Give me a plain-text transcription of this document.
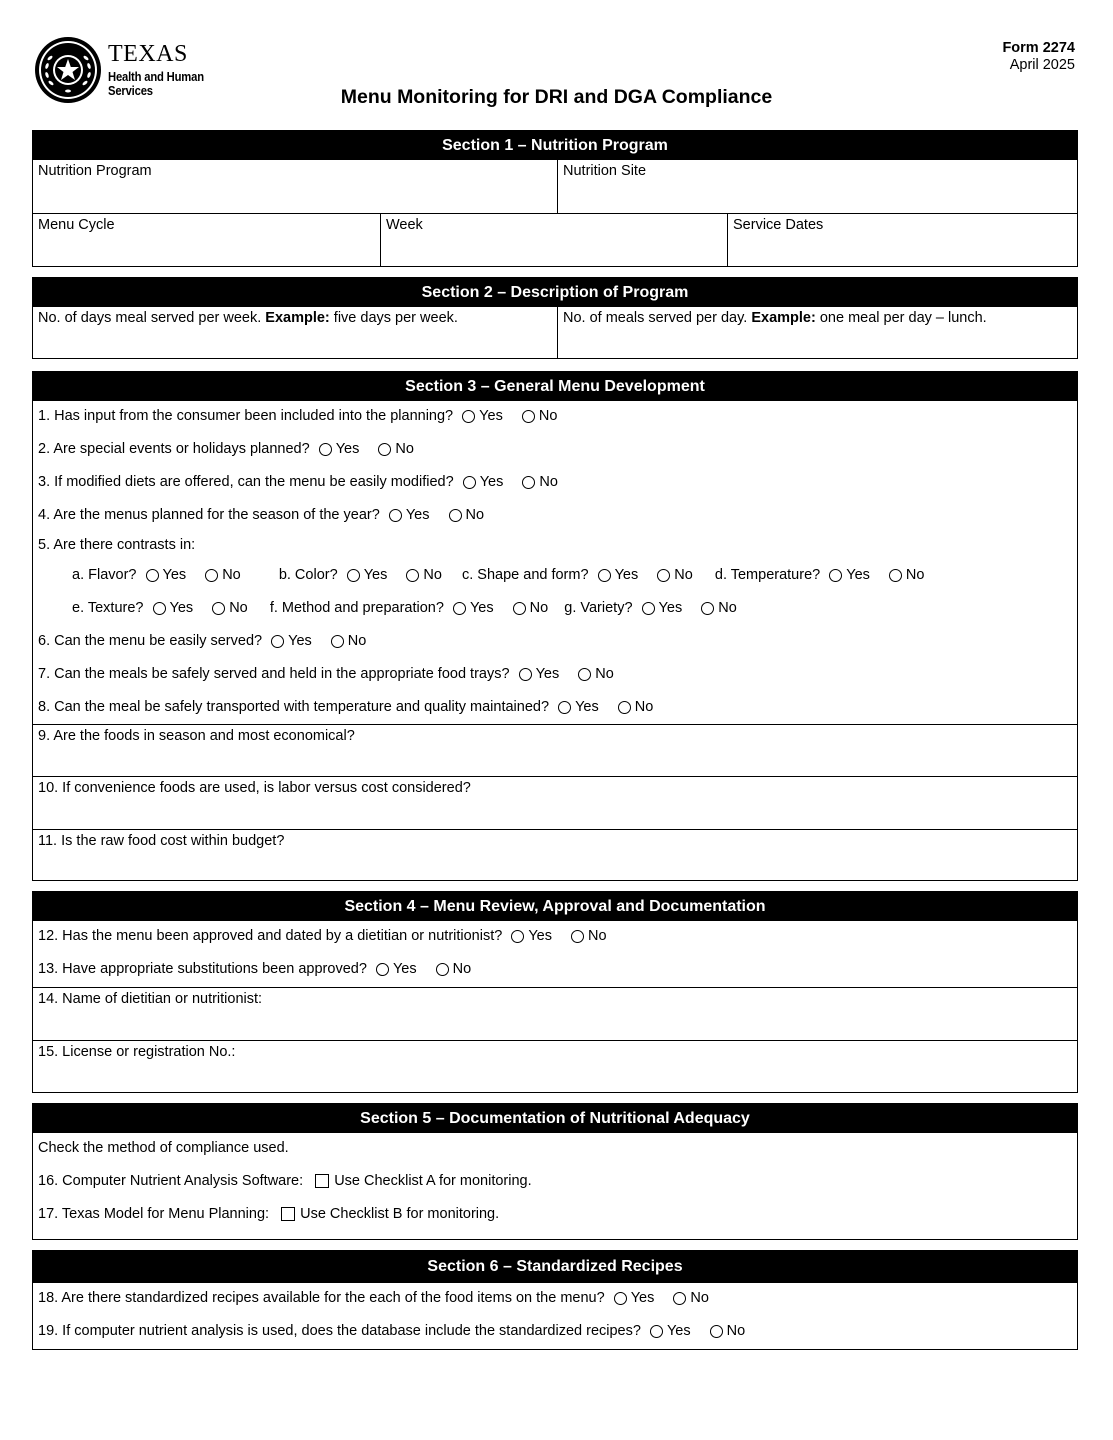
TEXAS
Health and Human
Services	Menu Monitoring for DRI and DGA Compliance
Form 2274
April 2025
Section 1 – Nutrition Program
Nutrition Program	Nutrition Site
Menu Cycle	Week	Service Dates
Section 2 – Description of Program
No. of days meal served per week. Example: five days per week.	No. of meals served per day. Example: one meal per day – lunch.
Section 3 – General Menu Development
1. Has input from the consumer been included into the planning? Yes No
2. Are special events or holidays planned? Yes No
3. If modified diets are offered, can the menu be easily modified? Yes No
4. Are the menus planned for the season of the year? Yes No
5. Are there contrasts in:
a. Flavor? Yes No	b. Color? Yes No c. Shape and form? Yes No d. Temperature? Yes No
e. Texture? Yes No f. Method and preparation? Yes No g. Variety? Yes No
6. Can the menu be easily served? Yes No
7. Can the meals be safely served and held in the appropriate food trays? Yes No
8. Can the meal be safely transported with temperature and quality maintained? Yes No
9. Are the foods in season and most economical?
10. If convenience foods are used, is labor versus cost considered?
11. Is the raw food cost within budget?
Section 4 – Menu Review, Approval and Documentation
12. Has the menu been approved and dated by a dietitian or nutritionist? Yes No
13. Have appropriate substitutions been approved? Yes No
14. Name of dietitian or nutritionist:
15. License or registration No.:
Section 5 – Documentation of Nutritional Adequacy
Check the method of compliance used.
16. Computer Nutrient Analysis Software: Use Checklist A for monitoring.
17. Texas Model for Menu Planning: Use Checklist B for monitoring.
Section 6 – Standardized Recipes
18. Are there standardized recipes available for the each of the food items on the menu? Yes No
19. If computer nutrient analysis is used, does the database include the standardized recipes? Yes No
